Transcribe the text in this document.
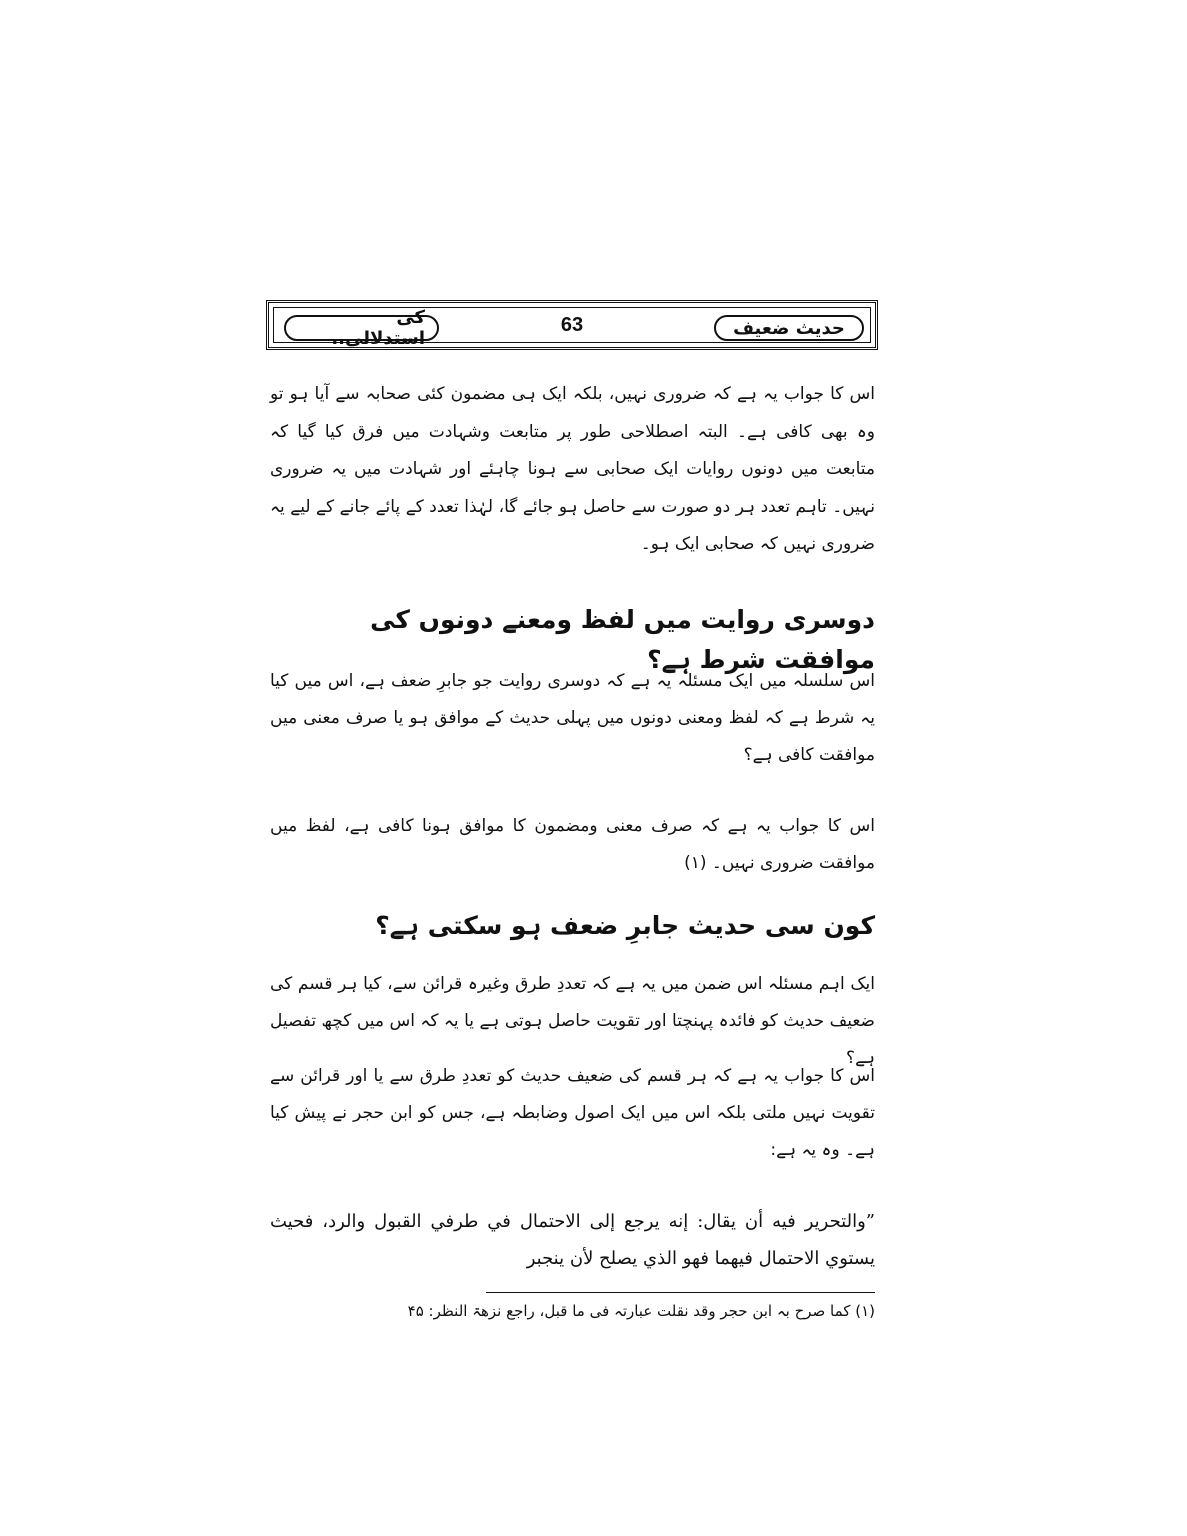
حدیث ضعیف
63
کی استدلالی..

اس کا جواب یہ ہے کہ ضروری نہیں، بلکہ ایک ہی مضمون کئی صحابہ سے آیا ہو تو وہ بھی کافی ہے۔ البتہ اصطلاحی طور پر متابعت وشہادت میں فرق کیا گیا کہ متابعت میں دونوں روایات ایک صحابی سے ہونا چاہئے اور شہادت میں یہ ضروری نہیں۔ تاہم تعدد ہر دو صورت سے حاصل ہو جائے گا، لہٰذا تعدد کے پائے جانے کے لیے یہ ضروری نہیں کہ صحابی ایک ہو۔

دوسری روایت میں لفظ ومعنے دونوں کی موافقت شرط ہے؟

اس سلسلہ میں ایک مسئلہ یہ ہے کہ دوسری روایت جو جابرِ ضعف ہے، اس میں کیا یہ شرط ہے کہ لفظ ومعنی دونوں میں پہلی حدیث کے موافق ہو یا صرف معنی میں موافقت کافی ہے؟

اس کا جواب یہ ہے کہ صرف معنی ومضمون کا موافق ہونا کافی ہے، لفظ میں موافقت ضروری نہیں۔ (۱)

کون سی حدیث جابرِ ضعف ہو سکتی ہے؟

ایک اہم مسئلہ اس ضمن میں یہ ہے کہ تعددِ طرق وغیرہ قرائن سے، کیا ہر قسم کی ضعیف حدیث کو فائدہ پہنچتا اور تقویت حاصل ہوتی ہے یا یہ کہ اس میں کچھ تفصیل ہے؟

اس کا جواب یہ ہے کہ ہر قسم کی ضعیف حدیث کو تعددِ طرق سے یا اور قرائن سے تقویت نہیں ملتی بلکہ اس میں ایک اصول وضابطہ ہے، جس کو ابن حجر نے پیش کیا ہے۔ وہ یہ ہے:

”والتحرير فيه أن يقال: إنه يرجع إلى الاحتمال في طرفي القبول والرد، فحيث يستوي الاحتمال فيهما فهو الذي يصلح لأن ينجبر

(۱) کما صرح بہ ابن حجر وقد نقلت عبارتہ فی ما قبل، راجع نزھۃ النظر: ۴۵
